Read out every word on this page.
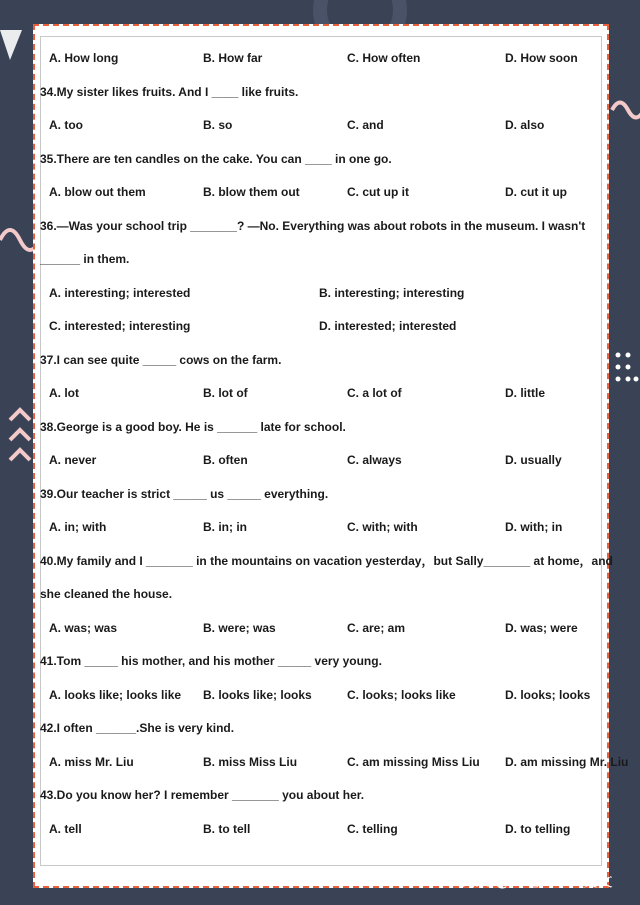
A. How long	B. How far	C. How often	D. How soon
34.My sister likes fruits. And I ____ like fruits.
A. too	B. so	C. and	D. also
35.There are ten candles on the cake. You can ____ in one go.
A. blow out them	B. blow them out	C. cut up it	D. cut it up
36.—Was your school trip _______? —No. Everything was about robots in the museum. I wasn't
______ in them.
A. interesting; interested	B. interesting; interesting
C. interested; interesting	D. interested; interested
37.I can see quite _____ cows on the farm.
A. lot	B. lot of	C. a lot of	D. little
38.George is a good boy. He is ______ late for school.
A. never	B. often	C. always	D. usually
39.Our teacher is strict _____ us _____ everything.
A. in; with	B. in; in	C. with; with	D. with; in
40.My family and I _______ in the mountains on vacation yesterday，but Sally_______ at home，and
she cleaned the house.
A. was; was	B. were; was	C. are; am	D. was; were
41.Tom _____ his mother, and his mother _____ very young.
A. looks like; looks like B. looks like; looks	C. looks; looks like	D. looks; looks
42.I often ______.She is very kind.
A. miss Mr. Liu	B. miss Miss Liu	C. am missing Miss Liu D. am missing Mr. Liu
43.Do you know her? I remember _______ you about her.
A. tell	B. to tell	C. telling	D. to telling
头条 @周老师talk英文
